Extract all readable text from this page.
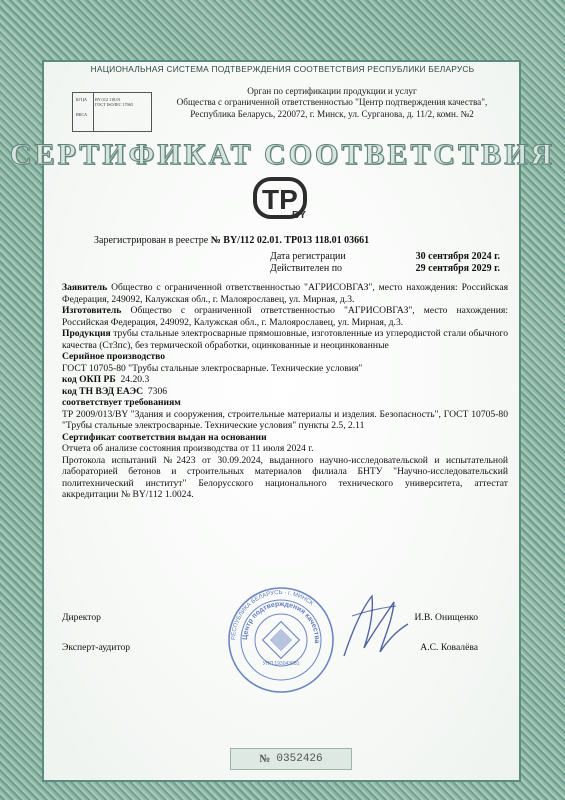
НАЦИОНАЛЬНАЯ СИСТЕМА ПОДТВЕРЖДЕНИЯ СООТВЕТСТВИЯ РЕСПУБЛИКИ БЕЛАРУСЬ
БГЦА
ВКСА
BY/112 118.01
ГОСТ ISO/IEC 17065
Орган по сертификации продукции и услуг
Общества с ограниченной ответственностью "Центр подтверждения качества",
Республика Беларусь, 220072, г. Минск, ул. Сурганова, д. 11/2, комн. №2
СЕРТИФИКАТ СООТВЕТСТВИЯ
TP
BY
Зарегистрирован в реестре № BY/112 02.01. ТР013 118.01 03661
Дата регистрации	30 сентября 2024 г.
Действителен по	29 сентября 2029 г.

Заявитель Общество с ограниченной ответственностью "АГРИСОВГАЗ", место нахождения: Российская Федерация, 249092, Калужская обл., г. Малоярославец, ул. Мирная, д.3.

Изготовитель Общество с ограниченной ответственностью "АГРИСОВГАЗ", место нахождения: Российская Федерация, 249092, Калужская обл., г. Малоярославец, ул. Мирная, д.3.

Продукция трубы стальные электросварные прямошовные, изготовленные из углеродистой стали обычного качества (Ст3пс), без термической обработки, оцинкованные и неоцинкованные

Серийное производство

ГОСТ 10705-80 "Трубы стальные электросварные. Технические условия"

код ОКП РБ  24.20.3

код ТН ВЭД ЕАЭС  7306

соответствует требованиям

ТР 2009/013/BY "Здания и сооружения, строительные материалы и изделия. Безопасность", ГОСТ 10705-80 "Трубы стальные электросварные. Технические условия" пункты 2.5, 2.11

Сертификат соответствия выдан на основании

Отчета об анализе состояния производства от 11 июля 2024 г.

Протокола испытаний №2423 от 30.09.2024, выданного научно-исследовательской и испытательной лабораторией бетонов и строительных материалов филиала БНТУ "Научно-исследовательский политехнический институт" Белорусского национального технического университета, аттестат аккредитации № BY/112 1.0024.

Директор	И.В. Онищенко
Эксперт-аудитор	А.С. Ковалёва
РЕСПУБЛИКА БЕЛАРУСЬ · г. МИНСК ·
Центр подтверждения качества
УНП 193043081
№ 0352426
